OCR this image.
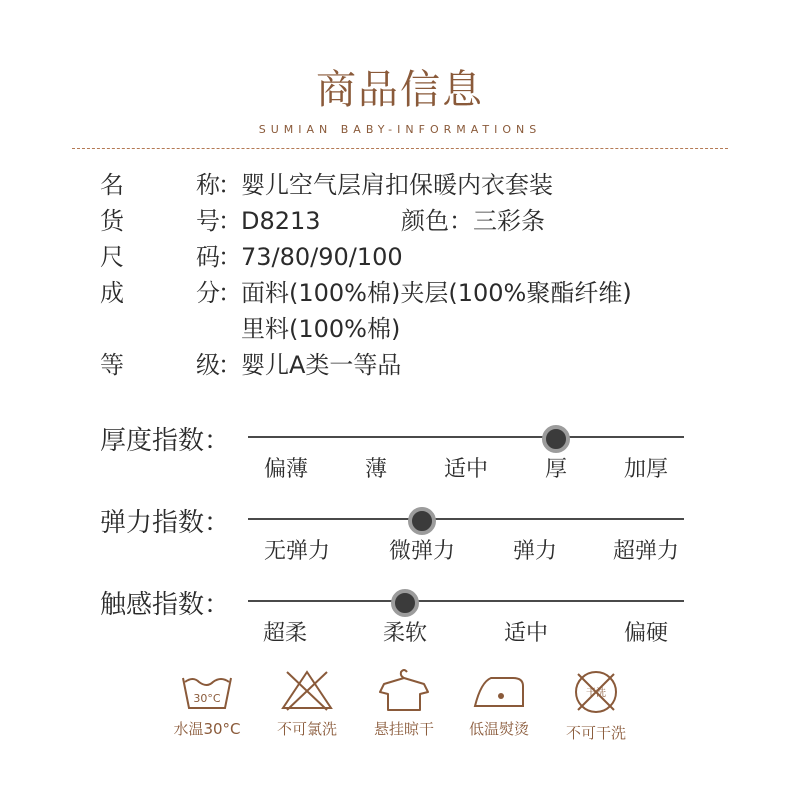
商品信息
SUMIAN BABY-INFORMATIONS
名	称
： 婴儿空气层肩扣保暖内衣套装
货	号
： D8213	颜色：三彩条
尺	码
： 73/80/90/100
成	分
： 面料(100%棉)夹层(100%聚酯纤维)
里料(100%棉)
等	级
： 婴儿A类一等品
厚度指数：
偏薄	薄	适中	厚	加厚
弹力指数：
无弹力	微弹力	弹力	超弹力
触感指数：
超柔	柔软	适中	偏硬
30°C
水温30°C	不可氯洗	悬挂晾干	低温熨烫
干洗
不可干洗
